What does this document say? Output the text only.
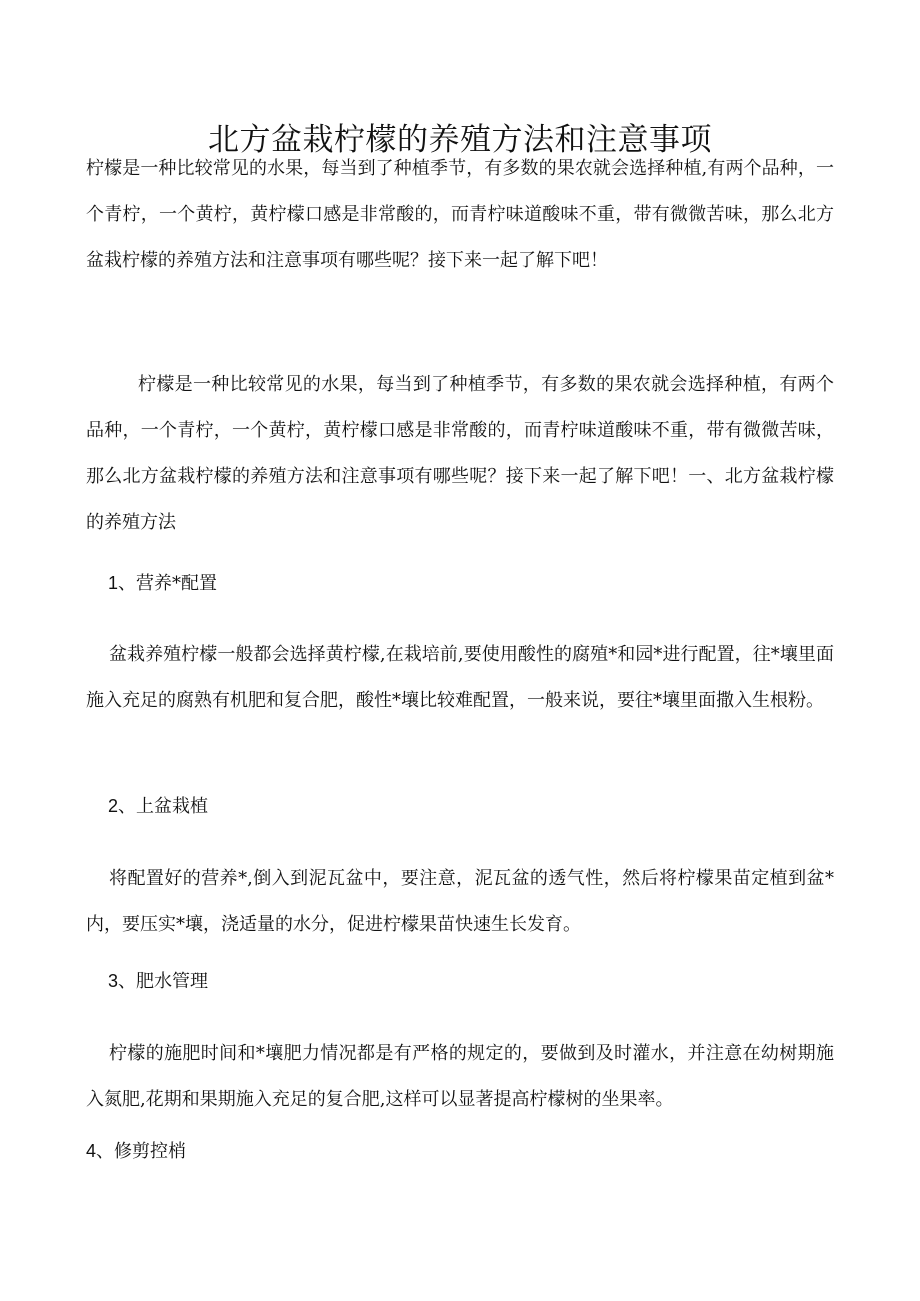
北方盆栽柠檬的养殖方法和注意事项

柠檬是一种比较常见的水果，每当到了种植季节，有多数的果农就会选择种植,有两个品种，一个青柠，一个黄柠，黄柠檬口感是非常酸的，而青柠味道酸味不重，带有微微苦味，那么北方盆栽柠檬的养殖方法和注意事项有哪些呢？接下来一起了解下吧！

柠檬是一种比较常见的水果，每当到了种植季节，有多数的果农就会选择种植，有两个品种，一个青柠，一个黄柠，黄柠檬口感是非常酸的，而青柠味道酸味不重，带有微微苦味，那么北方盆栽柠檬的养殖方法和注意事项有哪些呢？接下来一起了解下吧！一、北方盆栽柠檬的养殖方法

1、营养*配置

盆栽养殖柠檬一般都会选择黄柠檬,在栽培前,要使用酸性的腐殖*和园*进行配置，往*壤里面施入充足的腐熟有机肥和复合肥，酸性*壤比较难配置，一般来说，要往*壤里面撒入生根粉。

2、上盆栽植

将配置好的营养*,倒入到泥瓦盆中，要注意，泥瓦盆的透气性，然后将柠檬果苗定植到盆*内，要压实*壤，浇适量的水分，促进柠檬果苗快速生长发育。

3、肥水管理

柠檬的施肥时间和*壤肥力情况都是有严格的规定的，要做到及时灌水，并注意在幼树期施入氮肥,花期和果期施入充足的复合肥,这样可以显著提高柠檬树的坐果率。

4、修剪控梢
